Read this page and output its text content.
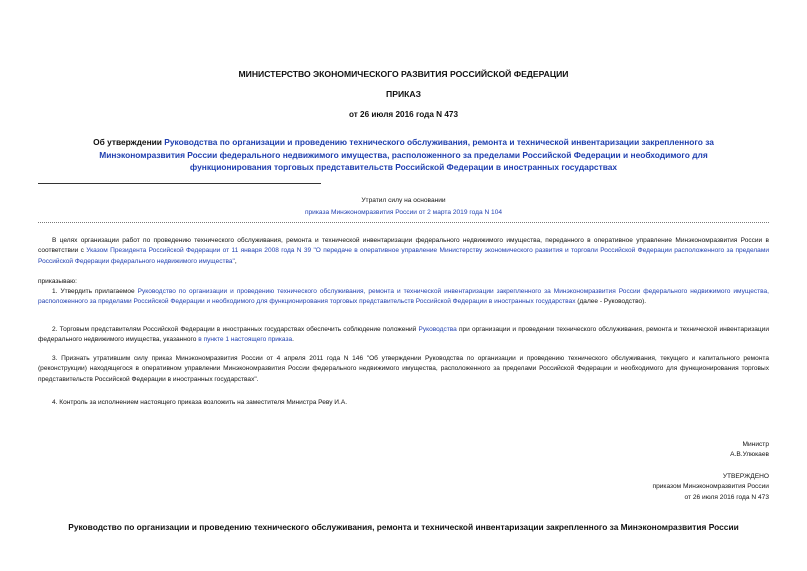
МИНИСТЕРСТВО ЭКОНОМИЧЕСКОГО РАЗВИТИЯ РОССИЙСКОЙ ФЕДЕРАЦИИ
ПРИКАЗ
от 26 июля 2016 года N 473
Об утверждении Руководства по организации и проведению технического обслуживания, ремонта и технической инвентаризации закрепленного за Минэкономразвития России федерального недвижимого имущества, расположенного за пределами Российской Федерации и необходимого для функционирования торговых представительств Российской Федерации в иностранных государствах
Утратил силу на основании
приказа Минэкономразвития России от 2 марта 2019 года N 104
В целях организации работ по проведению технического обслуживания, ремонта и технической инвентаризации федерального недвижимого имущества, переданного в оперативное управление Минэкономразвития России в соответствии с Указом Президента Российской Федерации от 11 января 2008 года N 39 "О передаче в оперативное управление Министерству экономического развития и торговли Российской Федерации расположенного за пределами Российской Федерации федерального недвижимого имущества",
приказываю:
1. Утвердить прилагаемое Руководство по организации и проведению технического обслуживания, ремонта и технической инвентаризации закрепленного за Минэкономразвития России федерального недвижимого имущества, расположенного за пределами Российской Федерации и необходимого для функционирования торговых представительств Российской Федерации в иностранных государствах (далее - Руководство).
2. Торговым представителям Российской Федерации в иностранных государствах обеспечить соблюдение положений Руководства при организации и проведении технического обслуживания, ремонта и технической инвентаризации федерального недвижимого имущества, указанного в пункте 1 настоящего приказа.
3. Признать утратившим силу приказ Минэкономразвития России от 4 апреля 2011 года N 146 "Об утверждении Руководства по организации и проведению технического обслуживания, текущего и капитального ремонта (реконструкции) находящегося в оперативном управлении Минэкономразвития России федерального недвижимого имущества, расположенного за пределами Российской Федерации и необходимого для функционирования торговых представительств Российской Федерации в иностранных государствах".
4. Контроль за исполнением настоящего приказа возложить на заместителя Министра Реву И.А.
Министр
А.В.Улюкаев
УТВЕРЖДЕНО
приказом Минэкономразвития России
от 26 июля 2016 года N 473
Руководство по организации и проведению технического обслуживания, ремонта и технической инвентаризации закрепленного за Минэкономразвития России
